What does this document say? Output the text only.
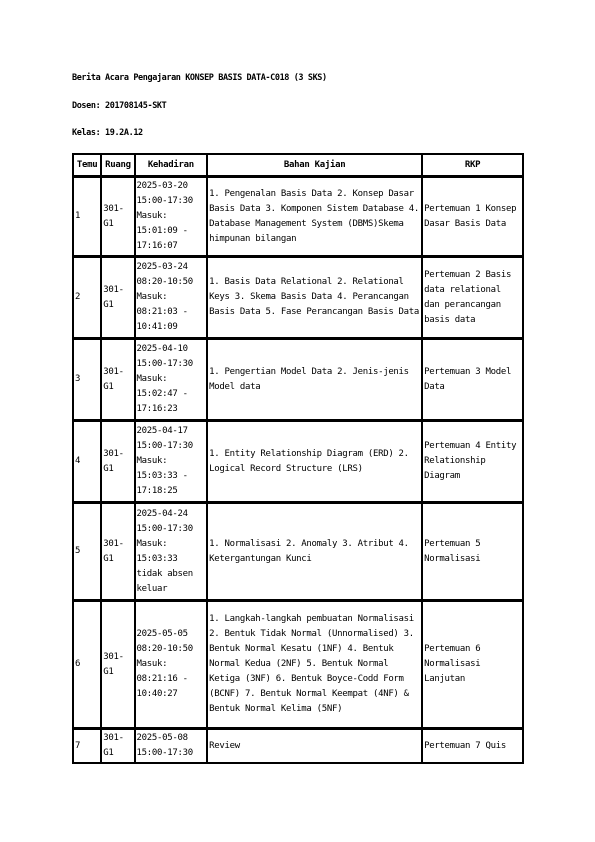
Berita Acara Pengajaran KONSEP BASIS DATA-C018 (3 SKS)
Dosen: 201708145-SKT
Kelas: 19.2A.12
Temu	Ruang	Kehadiran	Bahan Kajian	RKP
1	301-G1	2025-03-20 15:00-17:30 Masuk: 15:01:09 - 17:16:07	1. Pengenalan Basis Data 2. Konsep Dasar Basis Data 3. Komponen Sistem Database 4. Database Management System (DBMS)Skema himpunan bilangan	Pertemuan 1 Konsep Dasar Basis Data
2	301-G1	2025-03-24 08:20-10:50 Masuk: 08:21:03 - 10:41:09	1. Basis Data Relational 2. Relational Keys 3. Skema Basis Data 4. Perancangan Basis Data 5. Fase Perancangan Basis Data	Pertemuan 2 Basis data relational dan perancangan basis data
3	301-G1	2025-04-10 15:00-17:30 Masuk: 15:02:47 - 17:16:23	1. Pengertian Model Data 2. Jenis-jenis Model data	Pertemuan 3 Model Data
4	301-G1	2025-04-17 15:00-17:30 Masuk: 15:03:33 - 17:18:25	1. Entity Relationship Diagram (ERD) 2. Logical Record Structure (LRS)	Pertemuan 4 Entity Relationship Diagram
5	301-G1	2025-04-24 15:00-17:30 Masuk: 15:03:33 tidak absen keluar	1. Normalisasi 2. Anomaly 3. Atribut 4. Ketergantungan Kunci	Pertemuan 5 Normalisasi
6	301-G1	2025-05-05 08:20-10:50 Masuk: 08:21:16 - 10:40:27	1. Langkah-langkah pembuatan Normalisasi 2. Bentuk Tidak Normal (Unnormalised) 3. Bentuk Normal Kesatu (1NF) 4. Bentuk Normal Kedua (2NF) 5. Bentuk Normal Ketiga (3NF) 6. Bentuk Boyce-Codd Form (BCNF) 7. Bentuk Normal Keempat (4NF) & Bentuk Normal Kelima (5NF)	Pertemuan 6 Normalisasi Lanjutan
7	301-G1	2025-05-08 15:00-17:30	Review	Pertemuan 7 Quis
